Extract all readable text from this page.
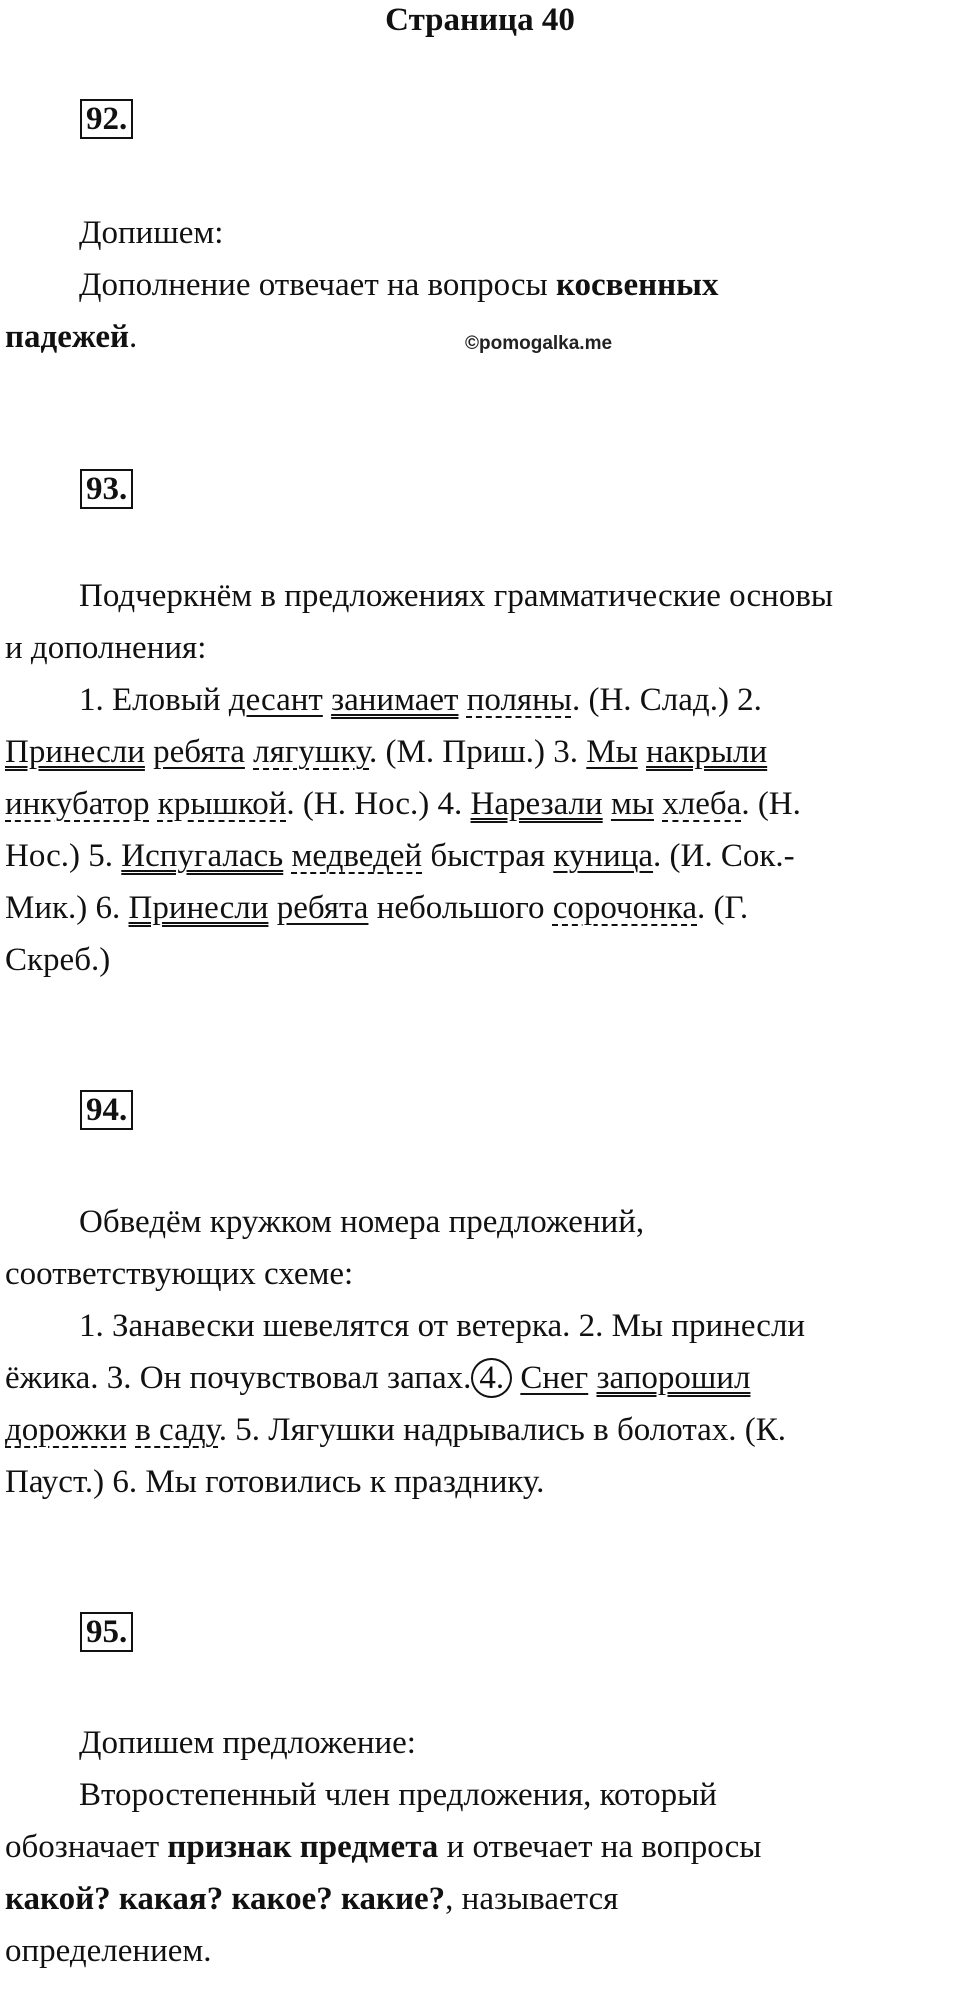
Страница 40
92.
Допишем:
Дополнение отвечает на вопросы косвенных
падежей.	©pomogalka.me
93.
Подчеркнём в предложениях грамматические основы
и дополнения:
1. Еловый десант занимает поляны. (Н. Слад.) 2.
Принесли ребята лягушку. (М. Приш.) 3. Мы накрыли
инкубатор крышкой. (Н. Нос.) 4. Нарезали мы хлеба. (Н.
Нос.) 5. Испугалась медведей быстрая куница. (И. Сок.-
Мик.) 6. Принесли ребята небольшого сорочонка. (Г.
Скреб.)
94.
Обведём кружком номера предложений,
соответствующих схеме:
1. Занавески шевелятся от ветерка. 2. Мы принесли
ёжика. 3. Он почувствовал запах. 4. Снег запорошил
дорожки в саду. 5. Лягушки надрывались в болотах. (К.
Пауст.) 6. Мы готовились к празднику.
95.
Допишем предложение:
Второстепенный член предложения, который
обозначает признак предмета и отвечает на вопросы
какой? какая? какое? какие?, называется
определением.
